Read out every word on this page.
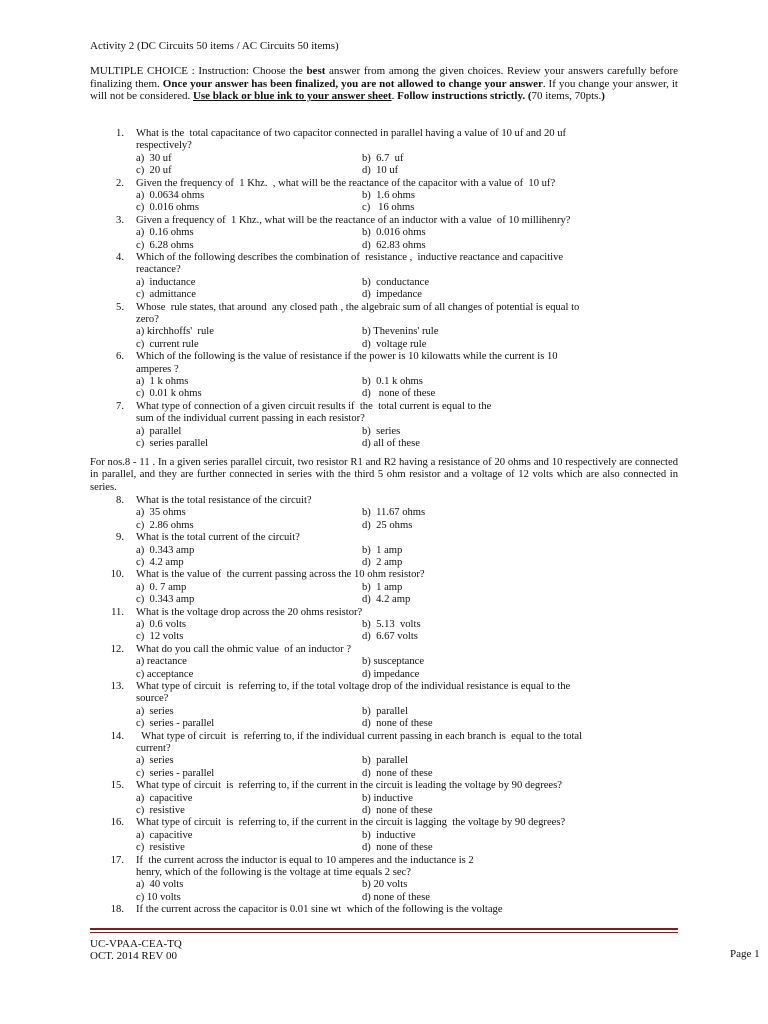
Activity 2 (DC Circuits 50 items / AC Circuits 50 items)
MULTIPLE CHOICE : Instruction: Choose the best answer from among the given choices. Review your answers carefully before finalizing them. Once your answer has been finalized, you are not allowed to change your answer. If you change your answer, it will not be considered. Use black or blue ink to your answer sheet. Follow instructions strictly. (70 items, 70pts.)
1. What is the  total capacitance of two capacitor connected in parallel having a value of 10 uf and 20 uf
respectively?
a)  30 uf	b)  6.7  uf
c)  20 uf	d)  10 uf
2. Given the frequency of  1 Khz.  , what will be the reactance of the capacitor with a value of  10 uf?
a)  0.0634 ohms	b)  1.6 ohms
c)  0.016 ohms	c)   16 ohms
3. Given a frequency of  1 Khz., what will be the reactance of an inductor with a value  of 10 millihenry?
a)  0.16 ohms	b)  0.016 ohms
c)  6.28 ohms	d)  62.83 ohms
4. Which of the following describes the combination of  resistance ,  inductive reactance and capacitive
reactance?
a)  inductance	b)  conductance
c)  admittance	d)  impedance
5. Whose  rule states, that around  any closed path , the algebraic sum of all changes of potential is equal to
zero?
a) kirchhoffs'  rule	b) Thevenins' rule
c)  current rule	d)  voltage rule
6. Which of the following is the value of resistance if the power is 10 kilowatts while the current is 10
amperes ?
a)  1 k ohms	b)  0.1 k ohms
c)  0.01 k ohms	d)   none of these
7. What type of connection of a given circuit results if  the  total current is equal to the
sum of the individual current passing in each resistor?
a)  parallel	b)  series
c)  series parallel	d) all of these
8. What is the total resistance of the circuit?
a)  35 ohms	b)  11.67 ohms
c)  2.86 ohms	d)  25 ohms
9. What is the total current of the circuit?
a)  0.343 amp	b)  1 amp
c)  4.2 amp	d)  2 amp
10. What is the value of  the current passing across the 10 ohm resistor?
a)  0. 7 amp	b)  1 amp
c)  0.343 amp	d)  4.2 amp
11. What is the voltage drop across the 20 ohms resistor?
a)  0.6 volts	b)  5.13  volts
c)  12 volts	d)  6.67 volts
12. What do you call the ohmic value  of an inductor ?
a) reactance	b) susceptance
c) acceptance	d) impedance
13. What type of circuit  is  referring to, if the total voltage drop of the individual resistance is equal to the
source?
a)  series	b)  parallel
c)  series - parallel	d)  none of these
14. What type of circuit  is  referring to, if the individual current passing in each branch is  equal to the total
current?
a)  series	b)  parallel
c)  series - parallel	d)  none of these
15. What type of circuit  is  referring to, if the current in the circuit is leading the voltage by 90 degrees?
a)  capacitive	b) inductive
c)  resistive	d)  none of these
16. What type of circuit  is  referring to, if the current in the circuit is lagging  the voltage by 90 degrees?
a)  capacitive	b)  inductive
c)  resistive	d)  none of these
17. If  the current across the inductor is equal to 10 amperes and the inductance is 2
henry, which of the following is the voltage at time equals 2 sec?
a)  40 volts	b) 20 volts
c) 10 volts	d) none of these
18. If the current across the capacitor is 0.01 sine wt  which of the following is the voltage
For nos.8 - 11 . In a given series parallel circuit, two resistor R1 and R2 having a resistance of 20 ohms and 10 respectively are connected in parallel, and they are further connected in series with the third 5 ohm resistor and a voltage of 12 volts which are also connected in series.
UC-VPAA-CEA-TQ
OCT. 2014 REV 00	Page 1
